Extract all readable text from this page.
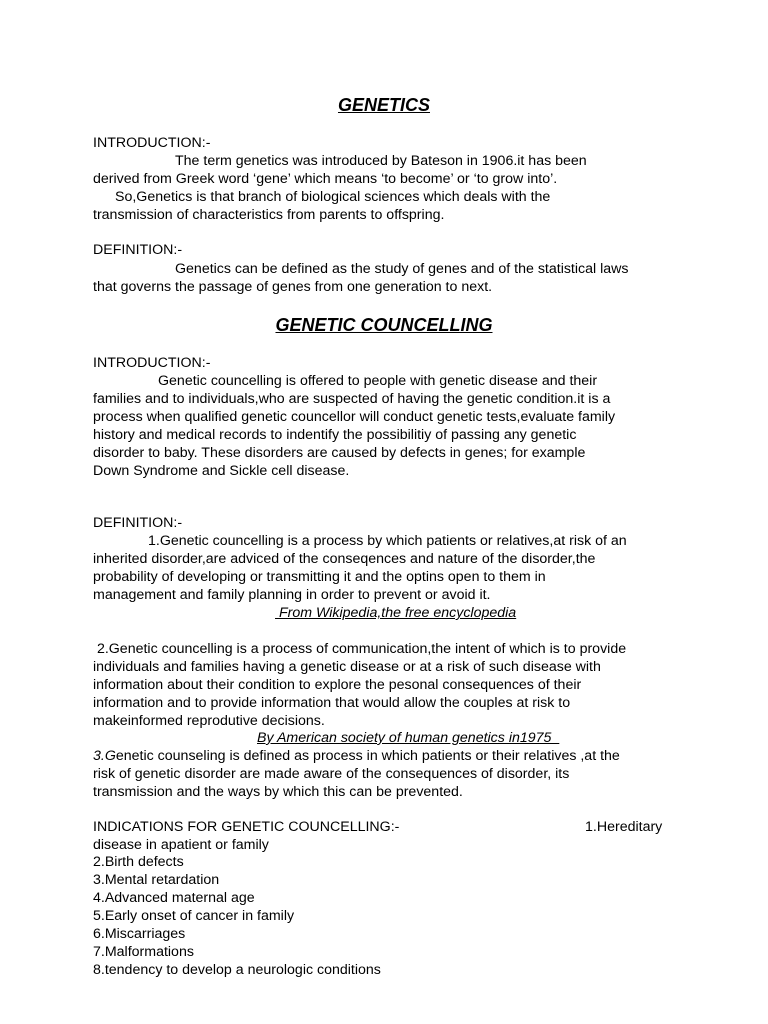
GENETICS
INTRODUCTION:-
The term genetics was introduced by Bateson in 1906.it has been
derived from Greek word ‘gene’ which means ‘to become’ or ‘to grow into’.
So,Genetics is that branch of biological sciences which deals with the
transmission of characteristics from parents to offspring.
DEFINITION:-
Genetics can be defined as the study of genes and of the statistical laws
that governs the passage of genes from one generation to next.
GENETIC COUNCELLING
INTRODUCTION:-
Genetic councelling is offered to people with genetic disease and their
families and to individuals,who are suspected of having the genetic condition.it is a
process when qualified genetic councellor will conduct genetic tests,evaluate family
history and medical records to indentify the possibilitiy of passing any genetic
disorder to baby. These disorders are caused by defects in genes; for example
Down Syndrome and Sickle cell disease.
DEFINITION:-
1.Genetic councelling is a process by which patients or relatives,at risk of an
inherited disorder,are adviced of the conseqences and nature of the disorder,the
probability of developing or transmitting it and the optins open to them in
management and family planning in order to prevent or avoid it.
From Wikipedia,the free encyclopedia
2.Genetic councelling is a process of communication,the intent of which is to provide
individuals and families having a genetic disease or at a risk of such disease with
information about their condition to explore the pesonal consequences of their
information and to provide information that would allow the couples at risk to
makeinformed reprodutive decisions.
By American society of human genetics in1975
3.Genetic counseling is defined as process in which patients or their relatives ,at the
risk of genetic disorder are made aware of the consequences of disorder, its
transmission and the ways by which this can be prevented.
INDICATIONS FOR GENETIC COUNCELLING:-	1.Hereditary
disease in apatient or family
2.Birth defects
3.Mental retardation
4.Advanced maternal age
5.Early onset of cancer in family
6.Miscarriages
7.Malformations
8.tendency to develop a neurologic conditions
